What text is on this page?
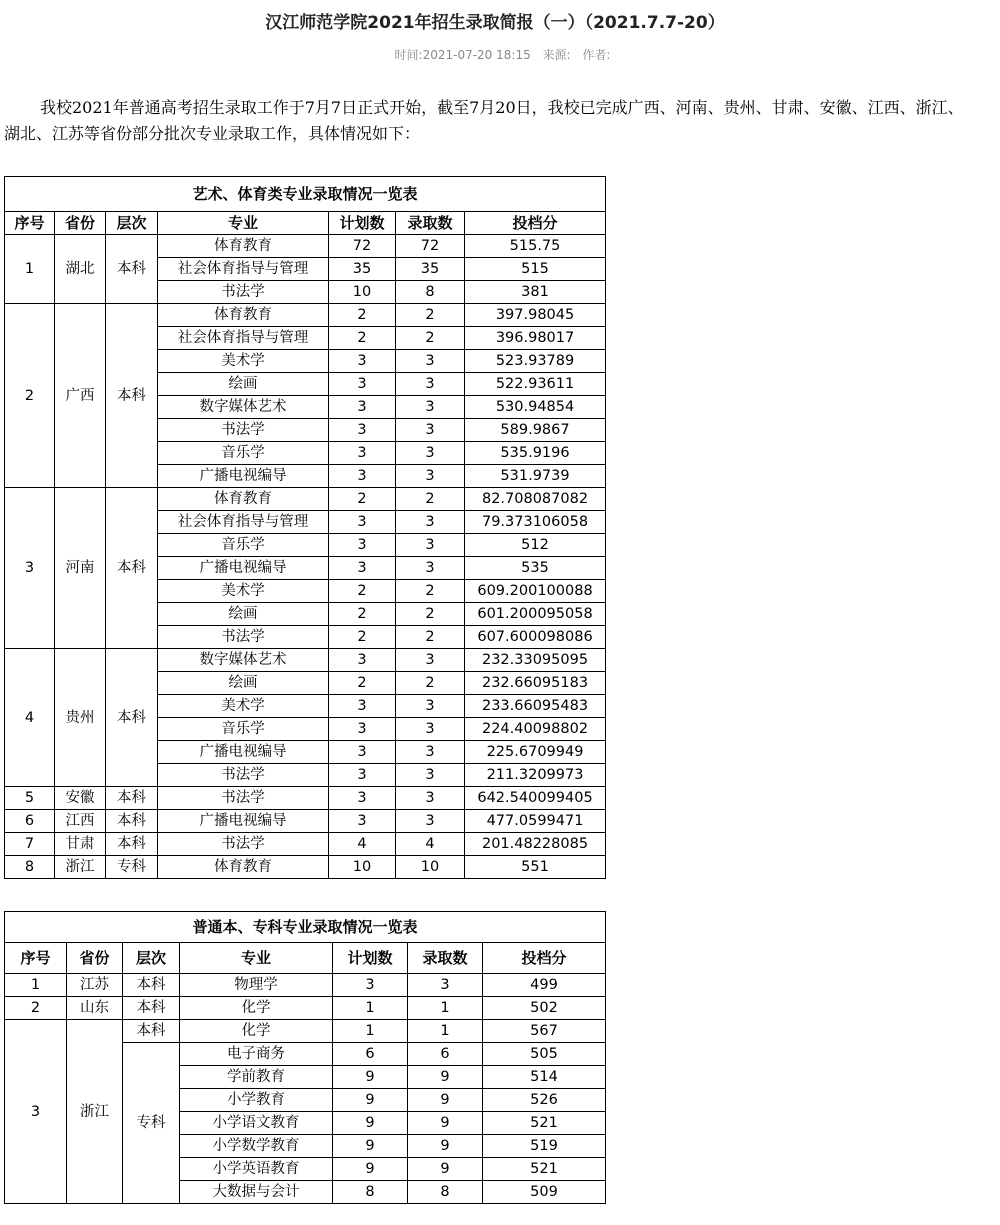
汉江师范学院2021年招生录取简报（一）（2021.7.7-20）
时间:2021-07-20 18:15 来源: 作者:

我校2021年普通高考招生录取工作于7月7日正式开始，截至7月20日，我校已完成广西、河南、贵州、甘肃、安徽、江西、浙江、湖北、江苏等省份部分批次专业录取工作，具体情况如下：

艺术、体育类专业录取情况一览表						
序号	省份	层次	专业	计划数	录取数	投档分
1	湖北	本科	体育教育	72	72	515.75
			社会体育指导与管理	35	35	515
			书法学	10	8	381
2	广西	本科	体育教育	2	2	397.98045
			社会体育指导与管理	2	2	396.98017
			美术学	3	3	523.93789
			绘画	3	3	522.93611
			数字媒体艺术	3	3	530.94854
			书法学	3	3	589.9867
			音乐学	3	3	535.9196
			广播电视编导	3	3	531.9739
3	河南	本科	体育教育	2	2	82.708087082
			社会体育指导与管理	3	3	79.373106058
			音乐学	3	3	512
			广播电视编导	3	3	535
			美术学	2	2	609.200100088
			绘画	2	2	601.200095058
			书法学	2	2	607.600098086
4	贵州	本科	数字媒体艺术	3	3	232.33095095
			绘画	2	2	232.66095183
			美术学	3	3	233.66095483
			音乐学	3	3	224.40098802
			广播电视编导	3	3	225.6709949
			书法学	3	3	211.3209973
5	安徽	本科	书法学	3	3	642.540099405
6	江西	本科	广播电视编导	3	3	477.0599471
7	甘肃	本科	书法学	4	4	201.48228085
8	浙江	专科	体育教育	10	10	551
普通本、专科专业录取情况一览表						
序号	省份	层次	专业	计划数	录取数	投档分
1	江苏	本科	物理学	3	3	499
2	山东	本科	化学	1	1	502
3	浙江	本科	化学	1	1	567
		专科	电子商务	6	6	505
			学前教育	9	9	514
			小学教育	9	9	526
			小学语文教育	9	9	521
			小学数学教育	9	9	519
			小学英语教育	9	9	521
			大数据与会计	8	8	509
